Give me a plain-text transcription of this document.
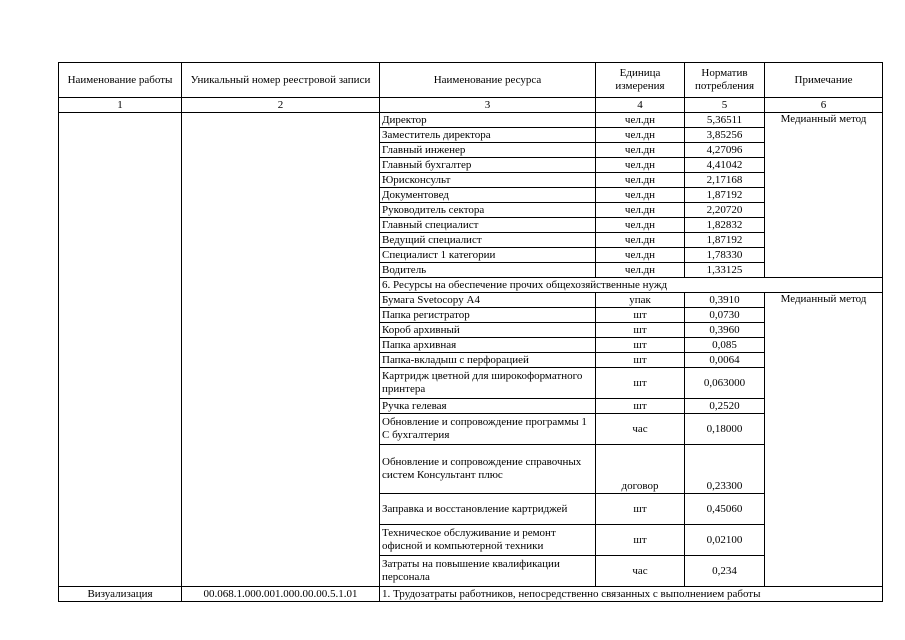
Наименование работы	Уникальный номер реестровой записи	Наименование ресурса	Единица измерения	Норматив потребления	Примечание
1	2	3	4	5	6
		Директор	чел.дн	5,36511	Медианный метод
		Заместитель директора	чел.дн	3,85256	
		Главный инженер	чел.дн	4,27096	
		Главный бухгалтер	чел.дн	4,41042	
		Юрисконсульт	чел.дн	2,17168	
		Документовед	чел.дн	1,87192	
		Руководитель сектора	чел.дн	2,20720	
		Главный специалист	чел.дн	1,82832	
		Ведущий специалист	чел.дн	1,87192	
		Специалист 1 категории	чел.дн	1,78330	
		Водитель	чел.дн	1,33125	
		6. Ресурсы на обеспечение прочих общехозяйственные нужд			
		Бумага Svetocopy А4	упак	0,3910	Медианный метод
		Папка регистратор	шт	0,0730	
		Короб архивный	шт	0,3960	
		Папка архивная	шт	0,085	
		Папка-вкладыш с перфорацией	шт	0,0064	
		Картридж цветной для широкоформатного принтера	шт	0,063000	
		Ручка гелевая	шт	0,2520	
		Обновление и сопровождение программы 1 С бухгалтерия	час	0,18000	
		Обновление и сопровождение справочных систем Консультант плюс	договор	0,23300	
		Заправка и восстановление картриджей	шт	0,45060	
		Техническое обслуживание и ремонт офисной и компьютерной техники	шт	0,02100	
		Затраты на повышение квалификации персонала	час	0,234	
Визуализация	00.068.1.000.001.000.00.00.5.1.01	1. Трудозатраты работников, непосредственно связанных с выполнением работы			
